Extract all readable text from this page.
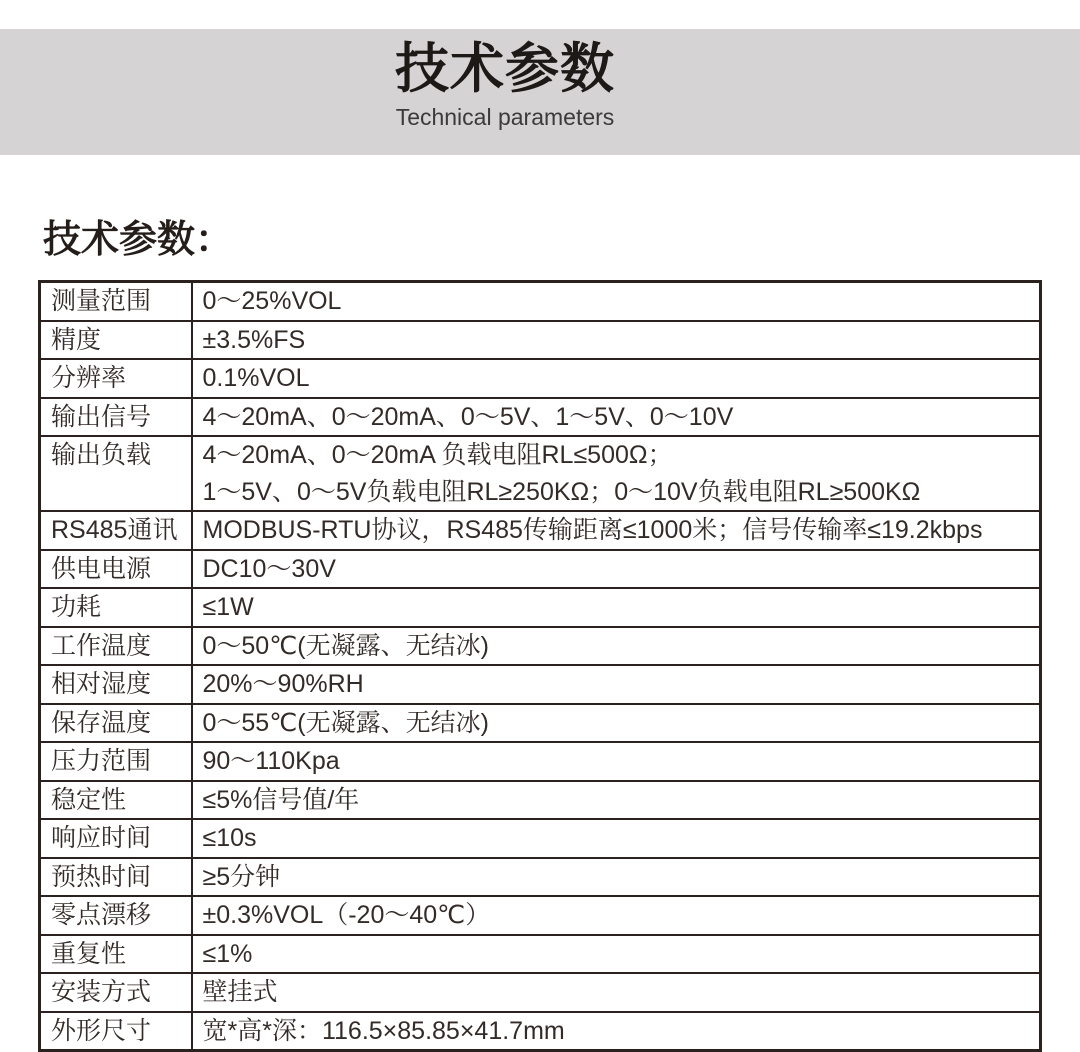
技术参数
Technical parameters
技术参数：
测量范围	0～25%VOL

精度	±3.5%FS

分辨率	0.1%VOL

输出信号	4～20mA、0～20mA、0～5V、1～5V、0～10V

输出负载	4～20mA、0～20mA 负载电阻RL≤500Ω；
1～5V、0～5V负载电阻RL≥250KΩ；0～10V负载电阻RL≥500KΩ

RS485通讯	MODBUS-RTU协议，RS485传输距离≤1000米；信号传输率≤19.2kbps

供电电源	DC10～30V

功耗	≤1W

工作温度	0～50℃(无凝露、无结冰)

相对湿度	20%～90%RH

保存温度	0～55℃(无凝露、无结冰)

压力范围	90～110Kpa

稳定性	≤5%信号值/年

响应时间	≤10s

预热时间	≥5分钟

零点漂移	±0.3%VOL（-20～40℃）

重复性	≤1%

安装方式	壁挂式

外形尺寸	宽*高*深：116.5×85.85×41.7mm
